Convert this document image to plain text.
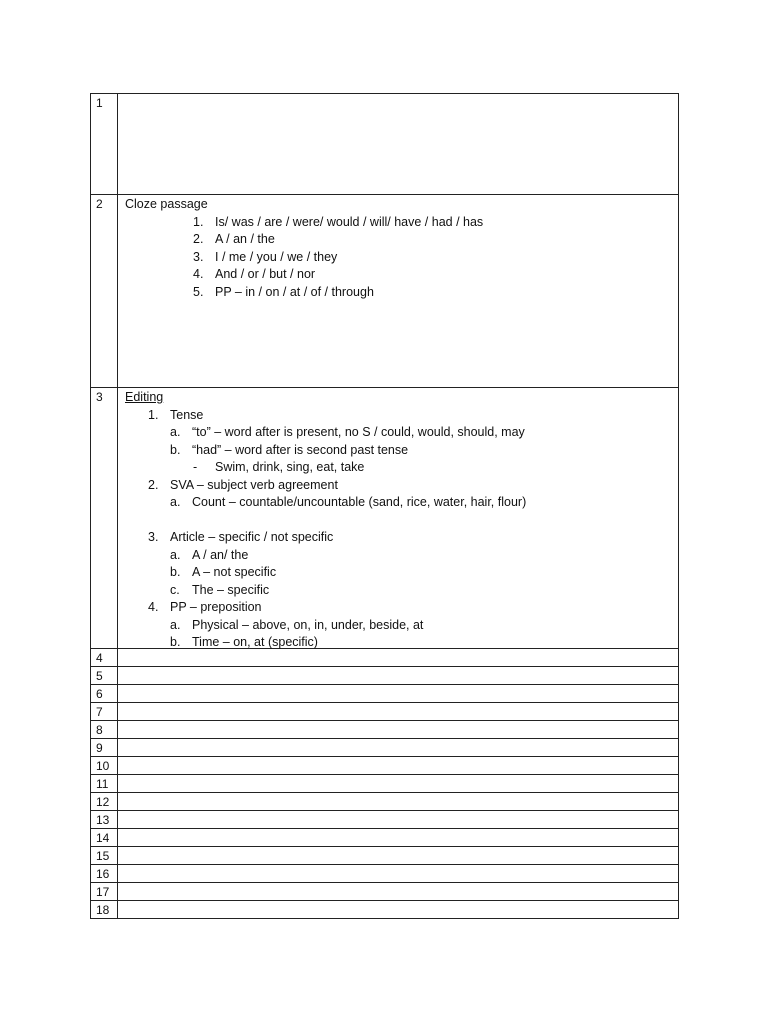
1
2	Cloze passage
1. Is/ was / are / were/ would / will/ have / had / has
2. A / an / the
3. I / me / you / we / they
4. And / or / but / nor
5. PP – in / on / at / of / through
3	Editing
1. Tense
a. “to” – word after is present, no S / could, would, should, may
b. “had” – word after is second past tense
-	Swim, drink, sing, eat, take
2. SVA – subject verb agreement
a. Count – countable/uncountable (sand, rice, water, hair, flour)
3. Article – specific / not specific
a. A / an/ the
b. A – not specific
c. The – specific
4. PP – preposition
a. Physical – above, on, in, under, beside, at
b. Time – on, at (specific)
4
5
6
7
8
9
10
11
12
13
14
15
16
17
18
